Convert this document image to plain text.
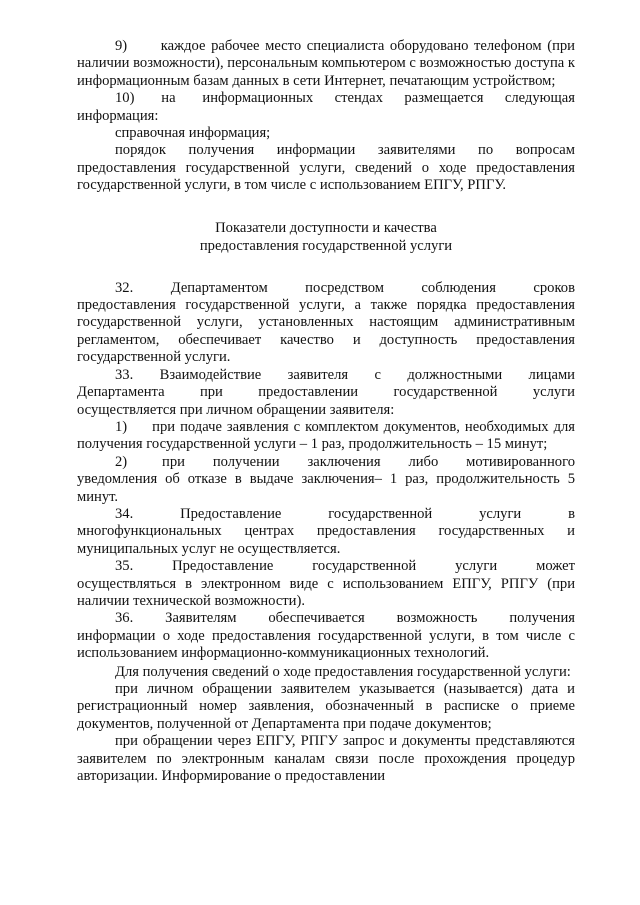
9)      каждое рабочее место специалиста оборудовано телефоном (при наличии возможности), персональным компьютером с возможностью доступа к информационным базам данных в сети Интернет, печатающим устройством;

10)     на     информационных    стендах    размещается    следующая информация:

справочная информация;

порядок получения информации заявителями по вопросам предоставления государственной услуги, сведений о ходе предоставления государственной услуги, в том числе с использованием ЕПГУ, РПГУ.

Показатели доступности и качества
предоставления государственной услуги

32.    Департаментом    посредством    соблюдения    сроков предоставления государственной услуги, а также порядка предоставления государственной услуги, установленных настоящим административным регламентом, обеспечивает качество и доступность предоставления государственной услуги.

33.    Взаимодействие    заявителя    с    должностными    лицами Департамента    при    предоставлении    государственной    услуги осуществляется при личном обращении заявителя:

1)     при подаче заявления с комплектом документов, необходимых для получения государственной услуги – 1 раз, продолжительность – 15 минут;

2)     при    получении    заключения    либо    мотивированного уведомления об отказе в выдаче заключения– 1 раз, продолжительность 5 минут.

34.    Предоставление    государственной    услуги    в многофункциональных центрах предоставления государственных и муниципальных услуг не осуществляется.

35.    Предоставление    государственной    услуги    может осуществляться в электронном виде с использованием ЕПГУ, РПГУ (при наличии технической возможности).

36.    Заявителям    обеспечивается    возможность    получения информации о ходе предоставления государственной услуги, в том числе с использованием информационно-коммуникационных технологий.

Для получения сведений о ходе предоставления государственной услуги:

при личном обращении заявителем указывается (называется) дата и регистрационный номер заявления, обозначенный в расписке о приеме документов, полученной от Департамента при подаче документов;

при обращении через ЕПГУ, РПГУ запрос и документы представляются заявителем по электронным каналам связи после прохождения процедур авторизации. Информирование о предоставлении
